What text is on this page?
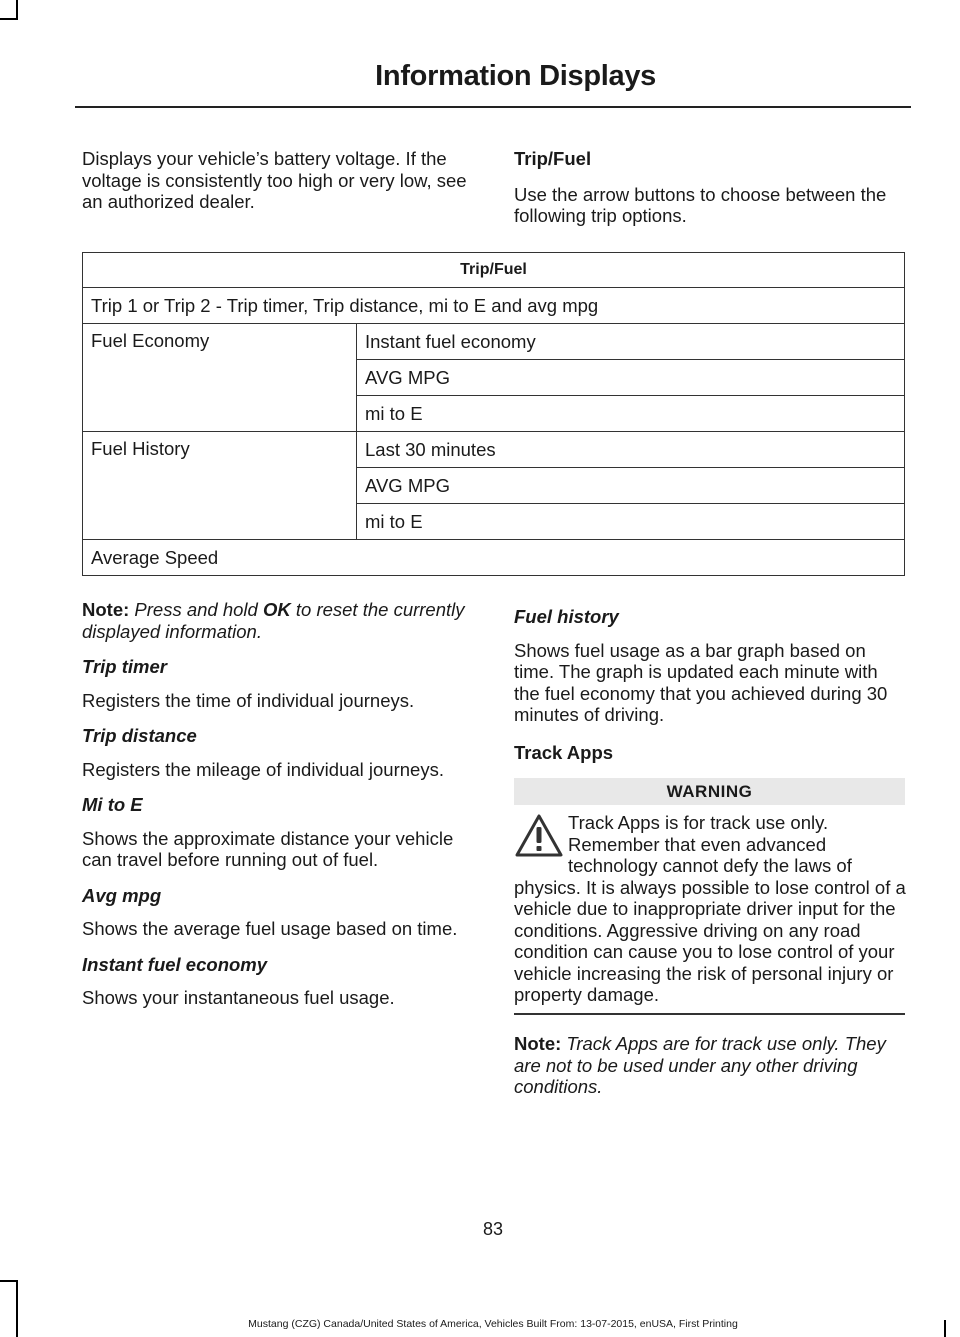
Information Displays

Displays your vehicle’s battery voltage. If the voltage is consistently too high or very low, see an authorized dealer.

Trip/Fuel

Use the arrow buttons to choose between the following trip options.

Trip/Fuel	
Trip 1 or Trip 2 - Trip timer, Trip distance, mi to E and avg mpg	
Fuel Economy	Instant fuel economy
	AVG MPG
	mi to E
Fuel History	Last 30 minutes
	AVG MPG
	mi to E
Average Speed	

Note: Press and hold OK to reset the currently displayed information.

Trip timer

Registers the time of individual journeys.

Trip distance

Registers the mileage of individual journeys.

Mi to E

Shows the approximate distance your vehicle can travel before running out of fuel.

Avg mpg

Shows the average fuel usage based on time.

Instant fuel economy

Shows your instantaneous fuel usage.

Fuel history

Shows fuel usage as a bar graph based on time. The graph is updated each minute with the fuel economy that you achieved during 30 minutes of driving.

Track Apps
WARNING
Track Apps is for track use only. Remember that even advanced technology cannot defy the laws of physics. It is always possible to lose control of a vehicle due to inappropriate driver input for the conditions. Aggressive driving on any road condition can cause you to lose control of your vehicle increasing the risk of personal injury or property damage.

Note: Track Apps are for track use only. They are not to be used under any other driving conditions.

83
Mustang (CZG) Canada/United States of America, Vehicles Built From: 13-07-2015, enUSA, First Printing
